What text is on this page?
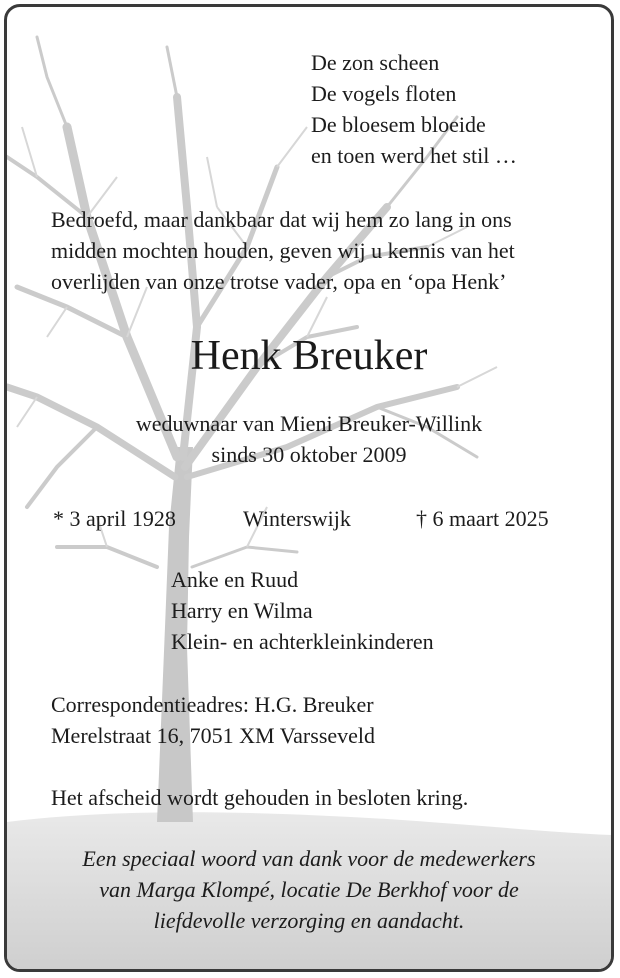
De zon scheen
De vogels floten
De bloesem bloeide
en toen werd het stil …
Bedroefd, maar dankbaar dat wij hem zo lang in ons
midden mochten houden, geven wij u kennis van het
overlijden van onze trotse vader, opa en ‘opa Henk’
Henk Breuker
weduwnaar van Mieni Breuker-Willink
sinds 30 oktober 2009
* 3 april 1928	Winterswijk	† 6 maart 2025
Anke en Ruud
Harry en Wilma
Klein- en achterkleinkinderen
Correspondentieadres: H.G. Breuker
Merelstraat 16, 7051 XM Varsseveld
Het afscheid wordt gehouden in besloten kring.
Een speciaal woord van dank voor de medewerkers
van Marga Klompé, locatie De Berkhof voor de
liefdevolle verzorging en aandacht.
